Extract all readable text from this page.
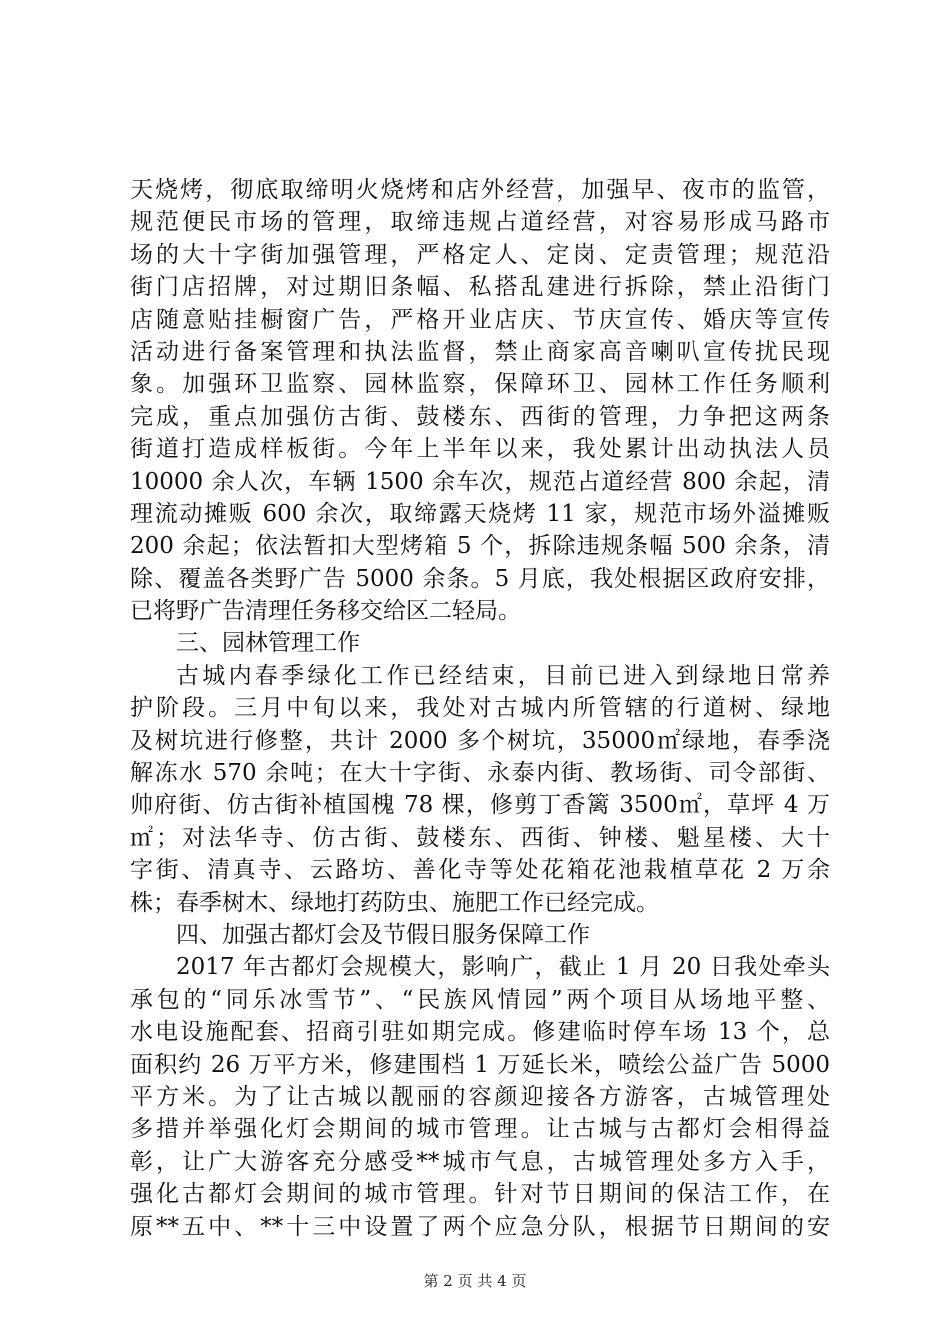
天烧烤，彻底取缔明火烧烤和店外经营，加强早、夜市的监管，
规范便民市场的管理，取缔违规占道经营，对容易形成马路市
场的大十字街加强管理，严格定人、定岗、定责管理；规范沿
街门店招牌，对过期旧条幅、私搭乱建进行拆除，禁止沿街门
店随意贴挂橱窗广告，严格开业店庆、节庆宣传、婚庆等宣传
活动进行备案管理和执法监督，禁止商家高音喇叭宣传扰民现
象。加强环卫监察、园林监察，保障环卫、园林工作任务顺利
完成，重点加强仿古街、鼓楼东、西街的管理，力争把这两条
街道打造成样板街。今年上半年以来，我处累计出动执法人员
10000 余人次，车辆 1500 余车次，规范占道经营 800 余起，清
理流动摊贩 600 余次，取缔露天烧烤 11 家，规范市场外溢摊贩
200 余起；依法暂扣大型烤箱 5 个，拆除违规条幅 500 余条，清
除、覆盖各类野广告 5000 余条。5 月底，我处根据区政府安排，
已将野广告清理任务移交给区二轻局。
三、园林管理工作
古城内春季绿化工作已经结束，目前已进入到绿地日常养
护阶段。三月中旬以来，我处对古城内所管辖的行道树、绿地
及树坑进行修整，共计 2000 多个树坑，35000㎡绿地，春季浇
解冻水 570 余吨；在大十字街、永泰内街、教场街、司令部街、
帅府街、仿古街补植国槐 78 棵，修剪丁香篱 3500㎡，草坪 4 万
㎡；对法华寺、仿古街、鼓楼东、西街、钟楼、魁星楼、大十
字街、清真寺、云路坊、善化寺等处花箱花池栽植草花 2 万余
株；春季树木、绿地打药防虫、施肥工作已经完成。
四、加强古都灯会及节假日服务保障工作
2017 年古都灯会规模大，影响广，截止 1 月 20 日我处牵头
承包的“同乐冰雪节”、“民族风情园”两个项目从场地平整、
水电设施配套、招商引驻如期完成。修建临时停车场 13 个，总
面积约 26 万平方米，修建围档 1 万延长米，喷绘公益广告 5000
平方米。为了让古城以靓丽的容颜迎接各方游客，古城管理处
多措并举强化灯会期间的城市管理。让古城与古都灯会相得益
彰，让广大游客充分感受**城市气息，古城管理处多方入手，
强化古都灯会期间的城市管理。针对节日期间的保洁工作，在
原**五中、**十三中设置了两个应急分队，根据节日期间的安
第 2 页 共 4 页
